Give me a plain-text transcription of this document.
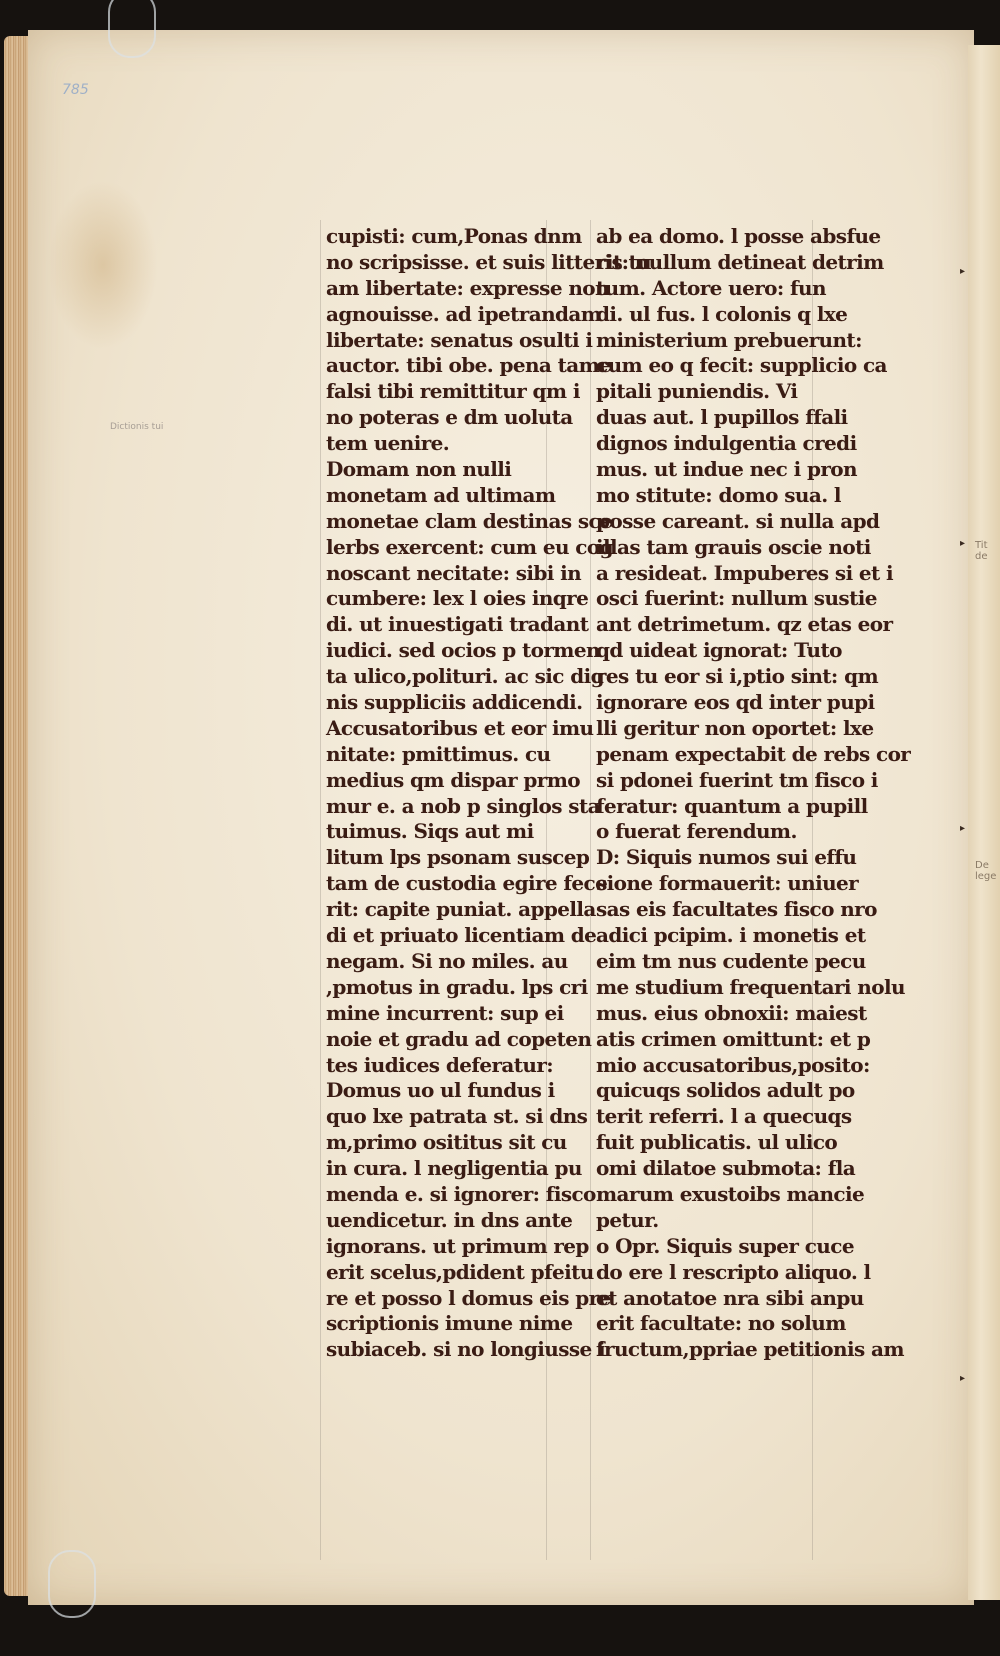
Tit de
De lege
▸
▸
▸
▸
785
Dictionis tui
cupisti: cum,Ponas dnm
no scripsisse. et suis litteris tu
am libertate: expresse non
agnouisse. ad ipetrandam
libertate: senatus osulti i
auctor. tibi obe. pena tame
falsi tibi remittitur qm i
no poteras e dm uoluta
tem uenire.
Domam non nulli
monetam ad ultimam
monetae clam destinas sce
lerbs exercent: cum eu cog
noscant necitate: sibi in
cumbere: lex l oies inqre
di. ut inuestigati tradant
iudici. sed ocios p tormen
ta ulico,polituri. ac sic dig
nis suppliciis addicendi.
Accusatoribus et eor imu
nitate: pmittimus. cu
medius qm dispar prmo
mur e. a nob p singlos sta
tuimus. Siqs aut mi
litum lps psonam suscep
tam de custodia egire fece
rit: capite puniat. appella
di et priuato licentiam de
negam. Si no miles. au
,pmotus in gradu. lps cri
mine incurrent: sup ei
noie et gradu ad copeten
tes iudices deferatur:
Domus uo ul fundus i
quo lxe patrata st. si dns
m,primo osititus sit cu
in cura. l negligentia pu
menda e. si ignorer: fisco
uendicetur. in dns ante
ignorans. ut primum rep
erit scelus,pdident pfeitu
re et posso l domus eis pre
scriptionis imune nime
subiaceb. si no longiusse i
ab ea domo. l posse absfue
rit: nullum detineat detrim
tum. Actore uero: fun
di. ul fus. l colonis q lxe
ministerium prebuerunt:
cum eo q fecit: supplicio ca
pitali puniendis. Vi
duas aut. l pupillos ffali
dignos indulgentia credi
mus. ut indue nec i pron
mo stitute: domo sua. l
posse careant. si nulla apd
illas tam grauis oscie noti
a resideat. Impuberes si et i
osci fuerint: nullum sustie
ant detrimetum. qz etas eor
qd uideat ignorat: Tuto
res tu eor si i,ptio sint: qm
ignorare eos qd inter pupi
lli geritur non oportet: lxe
penam expectabit de rebs cor
si pdonei fuerint tm fisco i
feratur: quantum a pupill
o fuerat ferendum.
D: Siquis numos sui effu
sione formauerit: uniuer
sas eis facultates fisco nro
adici pcipim. i monetis et
eim tm nus cudente pecu
me studium frequentari nolu
mus. eius obnoxii: maiest
atis crimen omittunt: et p
mio accusatoribus,posito:
quicuqs solidos adult po
terit referri. l a quecuqs
fuit publicatis. ul ulico
omi dilatoe submota: fla
marum exustoibs mancie
petur.
o Opr. Siquis super cuce
do ere l rescripto aliquo. l
et anotatoe nra sibi anpu
erit facultate: no solum
fructum,ppriae petitionis am
